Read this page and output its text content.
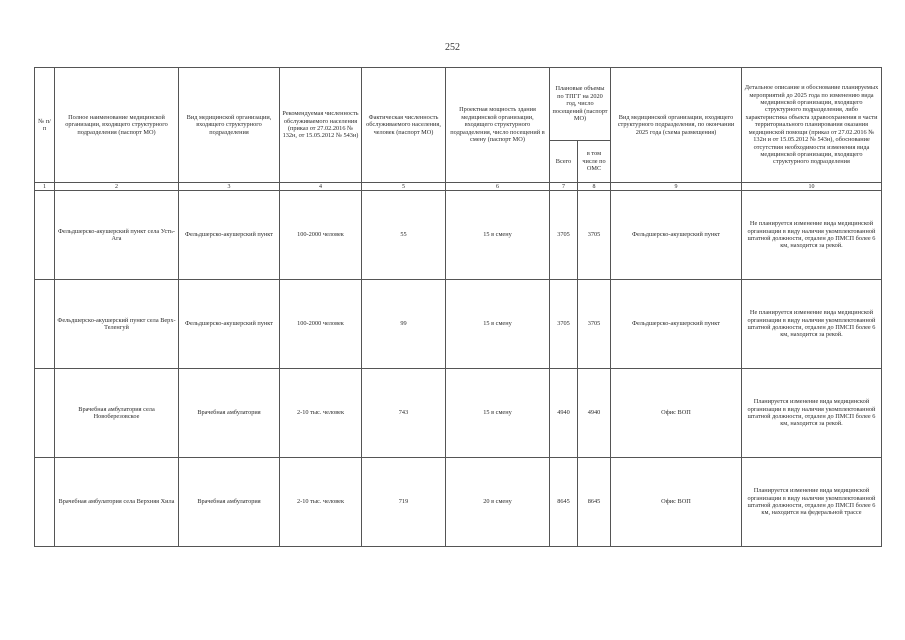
252
№ п/п	Полное наименование медицинской организации, входящего структурного подразделения (паспорт МО)	Вид медицинской организации, входящего структурного подразделения	Рекомендуемая численность обслуживаемого населения (приказ от 27.02.2016 № 132н, от 15.05.2012 № 543н)	Фактическая численность обслуживаемого населения, человек (паспорт МО)	Проектная мощность здания медицинской организации, входящего структурного подразделения, число посещений в смену (паспорт МО)	Плановые объемы по ТПГГ на 2020 год, число посещений (паспорт МО)		Вид медицинской организации, входящего структурного подразделения, по окончании 2025 года (схема размещения)	Детальное описание и обоснование планируемых мероприятий до 2025 года по изменению вида медицинской организации, входящего структурного подразделения, либо характеристика объекта здравоохранения в части территориального планирования оказания медицинской помощи (приказ от 27.02.2016 № 132н и от 15.05.2012 № 543н), обоснование отсутствия необходимости изменения вида медицинской организации, входящего структурного подразделения
						Всего	в том числе по ОМС		
1	2	3	4	5	6	7	8	9	10
	Фельдшерско-акушерский пункт села Усть-Ага	Фельдшерско-акушерский пункт	100-2000 человек	55	15 в смену	3705	3705	Фельдшерско-акушерский пункт	Не планируется изменение вида медицинской организации в виду наличия укомплектованной штатной должности, отдален до ПМСП более 6 км, находится за рекой.
	Фельдшерско-акушерский пункт села Верх-Теленгуй	Фельдшерско-акушерский пункт	100-2000 человек	99	15 в смену	3705	3705	Фельдшерско-акушерский пункт	Не планируется изменение вида медицинской организации в виду наличия укомплектованной штатной должности, отдален до ПМСП более 6 км, находится за рекой.
	Врачебная амбулатория села Новоберезовское	Врачебная амбулатория	2-10 тыс. человек	743	15 в смену	4940	4940	Офис ВОП	Планируется изменение вида медицинской организации в виду наличия укомплектованной штатной должности, отдален до ПМСП более 6 км, находится за рекой.
	Врачебная амбулатория села Верхняя Хила	Врачебная амбулатория	2-10 тыс. человек	719	20 в смену	8645	8645	Офис ВОП	Планируется изменение вида медицинской организации в виду наличия укомплектованной штатной должности, отдален до ПМСП более 6 км, находится на федеральной трассе
